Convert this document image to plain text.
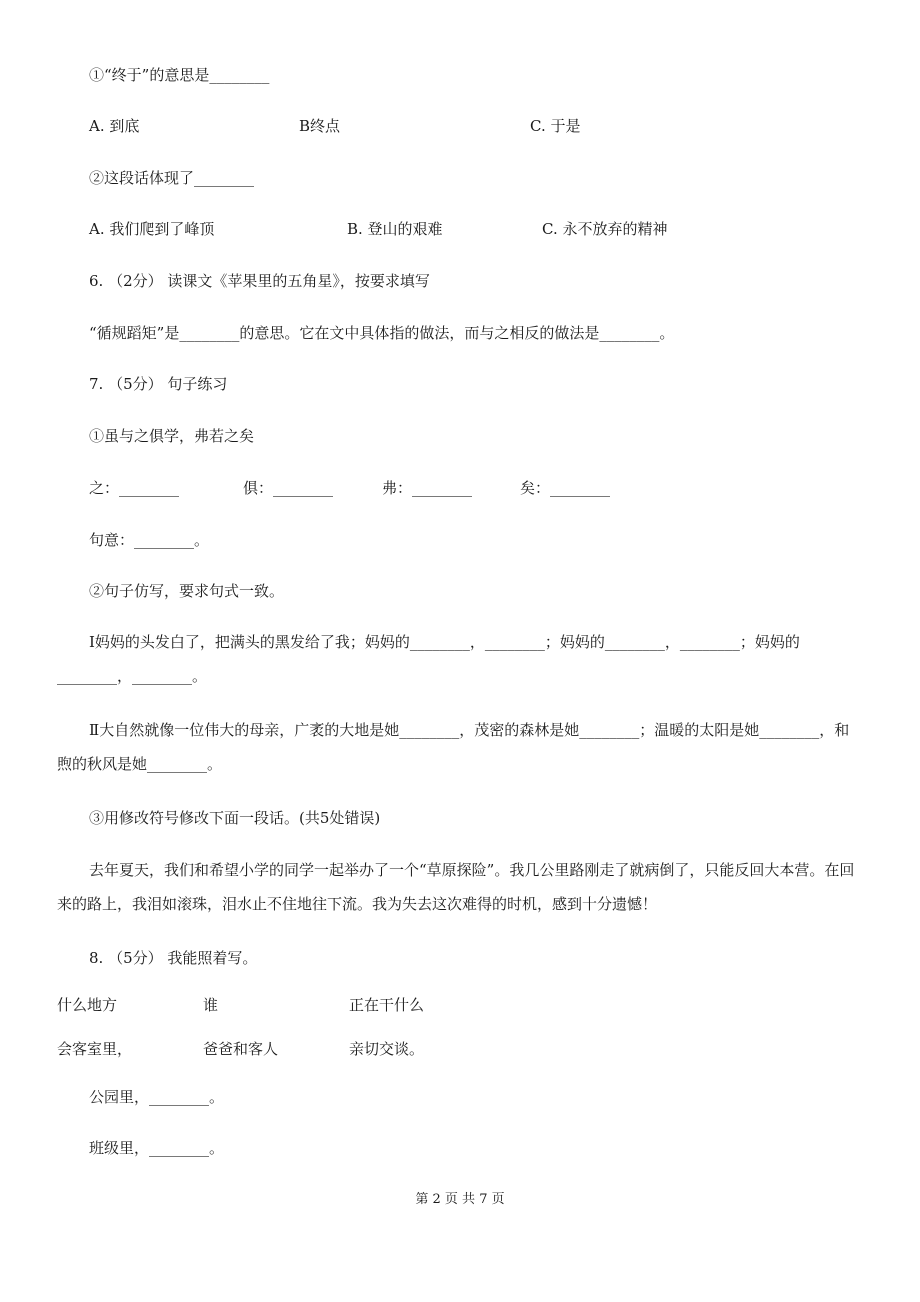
①“终于”的意思是________
A. 到底	B终点	C. 于是
②这段话体现了________
A. 我们爬到了峰顶	B. 登山的艰难	C. 永不放弃的精神
6. （2分） 读课文《苹果里的五角星》，按要求填写
“循规蹈矩”是________的意思。它在文中具体指的做法，而与之相反的做法是________。
7. （5分） 句子练习
①虽与之俱学，弗若之矣
之：________	俱：________	弗：________	矣：________
句意：________。
②句子仿写，要求句式一致。
Ⅰ妈妈的头发白了，把满头的黑发给了我；妈妈的________，________；妈妈的________，________；妈妈的________，________。
Ⅱ大自然就像一位伟大的母亲，广袤的大地是她________，茂密的森林是她________；温暖的太阳是她________，和煦的秋风是她________。
③用修改符号修改下面一段话。(共5处错误)
去年夏天，我们和希望小学的同学一起举办了一个“草原探险”。我几公里路刚走了就病倒了，只能反回大本营。在回来的路上，我泪如滚珠，泪水止不住地往下流。我为失去这次难得的时机，感到十分遗憾！
8. （5分） 我能照着写。
什么地方	谁	正在干什么
会客室里，	爸爸和客人	亲切交谈。
公园里，________。
班级里，________。
第 2 页 共 7 页
